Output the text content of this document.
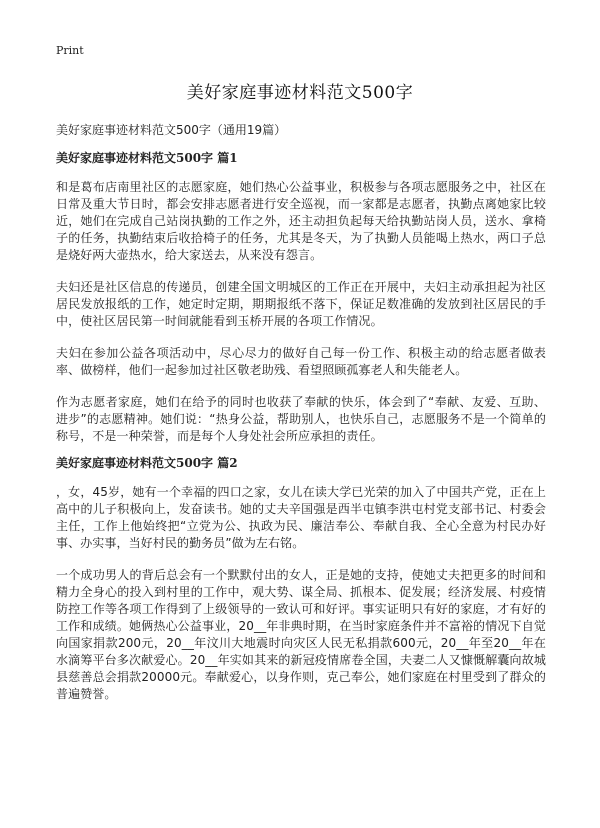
Print
美好家庭事迹材料范文500字
美好家庭事迹材料范文500字（通用19篇）
美好家庭事迹材料范文500字 篇1

和是葛布店南里社区的志愿家庭，她们热心公益事业，积极参与各项志愿服务之中，社区在日常及重大节日时，都会安排志愿者进行安全巡视，而一家都是志愿者，执勤点离她家比较近，她们在完成自己站岗执勤的工作之外，还主动担负起每天给执勤站岗人员，送水、拿椅子的任务，执勤结束后收拾椅子的任务，尤其是冬天，为了执勤人员能喝上热水，两口子总是烧好两大壶热水，给大家送去，从来没有怨言。

夫妇还是社区信息的传递员，创建全国文明城区的工作正在开展中，夫妇主动承担起为社区居民发放报纸的工作，她定时定期，期期报纸不落下，保证足数准确的发放到社区居民的手中，使社区居民第一时间就能看到玉桥开展的各项工作情况。

夫妇在参加公益各项活动中，尽心尽力的做好自己每一份工作、积极主动的给志愿者做表率、做榜样，他们一起参加过社区敬老助残、看望照顾孤寡老人和失能老人。

作为志愿者家庭，她们在给予的同时也收获了奉献的快乐，体会到了“奉献、友爱、互助、进步”的志愿精神。她们说：“热身公益，帮助别人，也快乐自己，志愿服务不是一个简单的称号，不是一种荣誉，而是每个人身处社会所应承担的责任。

美好家庭事迹材料范文500字 篇2

，女，45岁，她有一个幸福的四口之家，女儿在读大学已光荣的加入了中国共产党，正在上高中的儿子积极向上，发奋读书。她的丈夫辛国强是西半屯镇李洪屯村党支部书记、村委会主任，工作上他始终把“立党为公、执政为民、廉洁奉公、奉献自我、全心全意为村民办好事、办实事，当好村民的勤务员”做为左右铭。

一个成功男人的背后总会有一个默默付出的女人，正是她的支持，使她丈夫把更多的时间和精力全身心的投入到村里的工作中，观大势、谋全局、抓根本、促发展；经济发展、村疫情防控工作等各项工作得到了上级领导的一致认可和好评。事实证明只有好的家庭，才有好的工作和成绩。她俩热心公益事业，20__年非典时期，在当时家庭条件并不富裕的情况下自觉向国家捐款200元，20__年汶川大地震时向灾区人民无私捐款600元，20__年至20__年在水滴筹平台多次献爱心。20__年实如其来的新冠疫情席卷全国，夫妻二人又慷慨解囊向故城县慈善总会捐款20000元。奉献爱心，以身作则，克己奉公，她们家庭在村里受到了群众的普遍赞誉。
